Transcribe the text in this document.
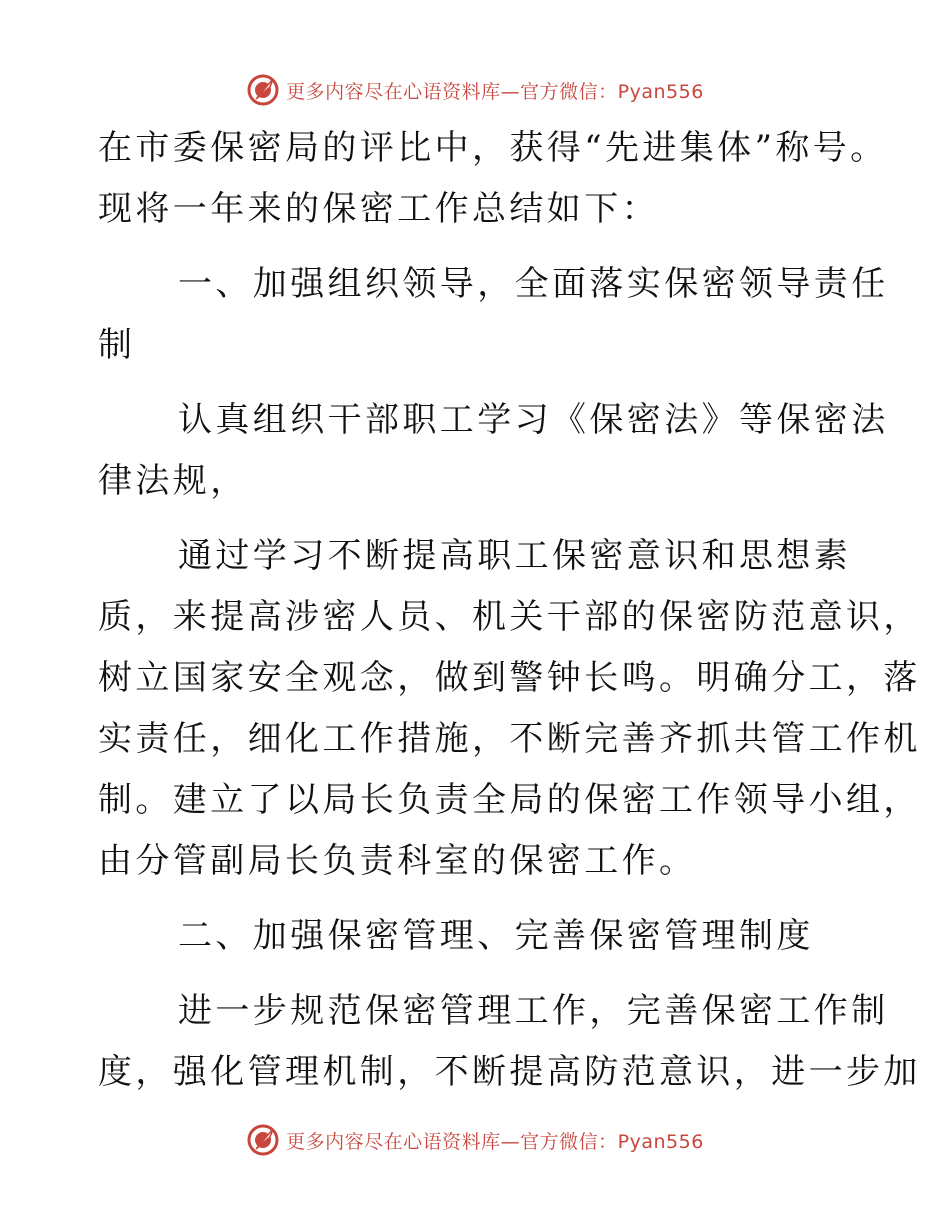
更多内容尽在心语资料库—官方微信：Pyan556
在市委保密局的评比中，获得“先进集体”称号。
现将一年来的保密工作总结如下：
一、加强组织领导，全面落实保密领导责任
制
认真组织干部职工学习《保密法》等保密法
律法规，
通过学习不断提高职工保密意识和思想素
质，来提高涉密人员、机关干部的保密防范意识，
树立国家安全观念，做到警钟长鸣。明确分工，落
实责任，细化工作措施，不断完善齐抓共管工作机
制。建立了以局长负责全局的保密工作领导小组，
由分管副局长负责科室的保密工作。
二、加强保密管理、完善保密管理制度
进一步规范保密管理工作，完善保密工作制
度，强化管理机制，不断提高防范意识，进一步加
更多内容尽在心语资料库—官方微信：Pyan556
